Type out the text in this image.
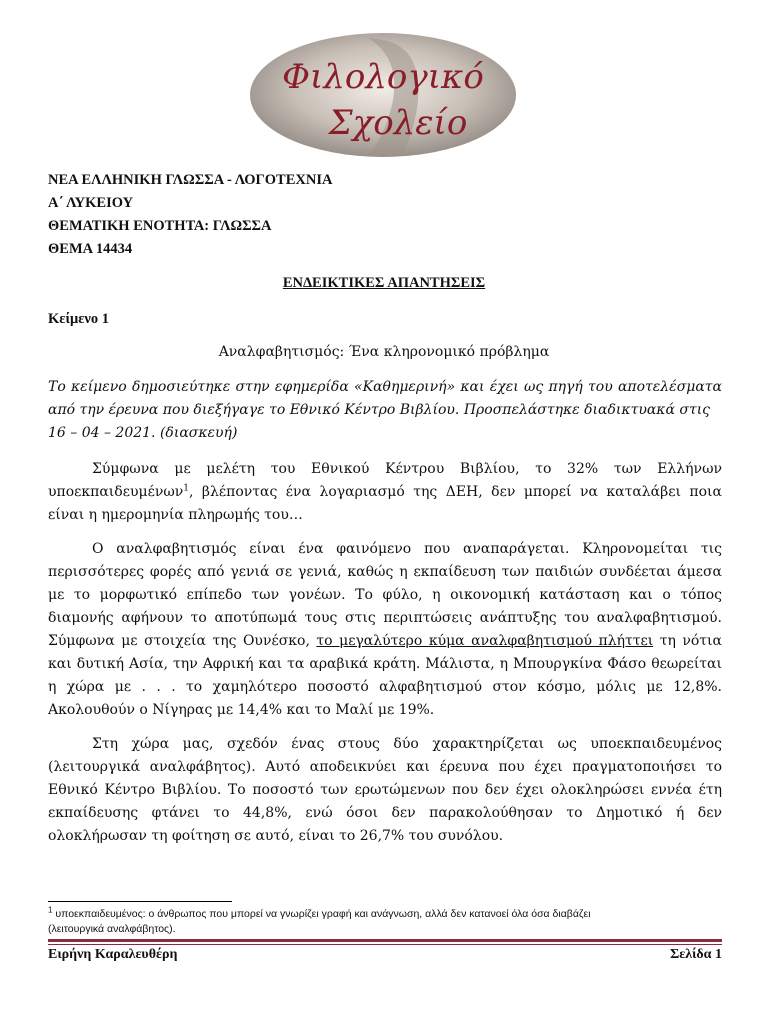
Φιλολογικό
Σχολείο
ΝΕΑ ΕΛΛΗΝΙΚΗ ΓΛΩΣΣΑ - ΛΟΓΟΤΕΧΝΙΑ
Α΄ ΛΥΚΕΙΟΥ
ΘΕΜΑΤΙΚΗ ΕΝΟΤΗΤΑ: ΓΛΩΣΣΑ
ΘΕΜΑ 14434
ΕΝΔΕΙΚΤΙΚΕΣ ΑΠΑΝΤΗΣΕΙΣ
Κείμενο 1
Αναλφαβητισμός: Ένα κληρονομικό πρόβλημα
Το κείμενο δημοσιεύτηκε στην εφημερίδα «Καθημερινή» και έχει ως πηγή του αποτελέσματα
από την έρευνα που διεξήγαγε το Εθνικό Κέντρο Βιβλίου. Προσπελάστηκε διαδικτυακά στις
16 – 04 – 2021. (διασκευή)
Σύμφωνα με μελέτη του Εθνικού Κέντρου Βιβλίου, το 32% των Ελλήνων
υποεκπαιδευμένων$^1$, βλέποντας ένα λογαριασμό της ΔΕΗ, δεν μπορεί να καταλάβει ποια
είναι η ημερομηνία πληρωμής του…
Ο αναλφαβητισμός είναι ένα φαινόμενο που αναπαράγεται. Κληρονομείται τις
περισσότερες φορές από γενιά σε γενιά, καθώς η εκπαίδευση των παιδιών συνδέεται άμεσα
με το μορφωτικό επίπεδο των γονέων. Το φύλο, η οικονομική κατάσταση και ο τόπος
διαμονής αφήνουν το αποτύπωμά τους στις περιπτώσεις ανάπτυξης του αναλφαβητισμού.
Σύμφωνα με στοιχεία της Ουνέσκο, το μεγαλύτερο κύμα αναλφαβητισμού πλήττει τη νότια
και δυτική Ασία, την Αφρική και τα αραβικά κράτη. Μάλιστα, η Μπουργκίνα Φάσο θεωρείται
η χώρα με . . . το χαμηλότερο ποσοστό αλφαβητισμού στον κόσμο, μόλις με 12,8%.
Ακολουθούν ο Νίγηρας με 14,4% και το Μαλί με 19%.
Στη χώρα μας, σχεδόν ένας στους δύο χαρακτηρίζεται ως υποεκπαιδευμένος
(λειτουργικά αναλφάβητος). Αυτό αποδεικνύει και έρευνα που έχει πραγματοποιήσει το
Εθνικό Κέντρο Βιβλίου. Το ποσοστό των ερωτώμενων που δεν έχει ολοκληρώσει εννέα έτη
εκπαίδευσης φτάνει το 44,8%, ενώ όσοι δεν παρακολούθησαν το Δημοτικό ή δεν
ολοκλήρωσαν τη φοίτηση σε αυτό, είναι το 26,7% του συνόλου.
$^1$ υποεκπαιδευμένος: ο άνθρωπος που μπορεί να γνωρίζει γραφή και ανάγνωση, αλλά δεν κατανοεί όλα όσα διαβάζει
(λειτουργικά αναλφάβητος).
Ειρήνη Καραλευθέρη	Σελίδα 1
